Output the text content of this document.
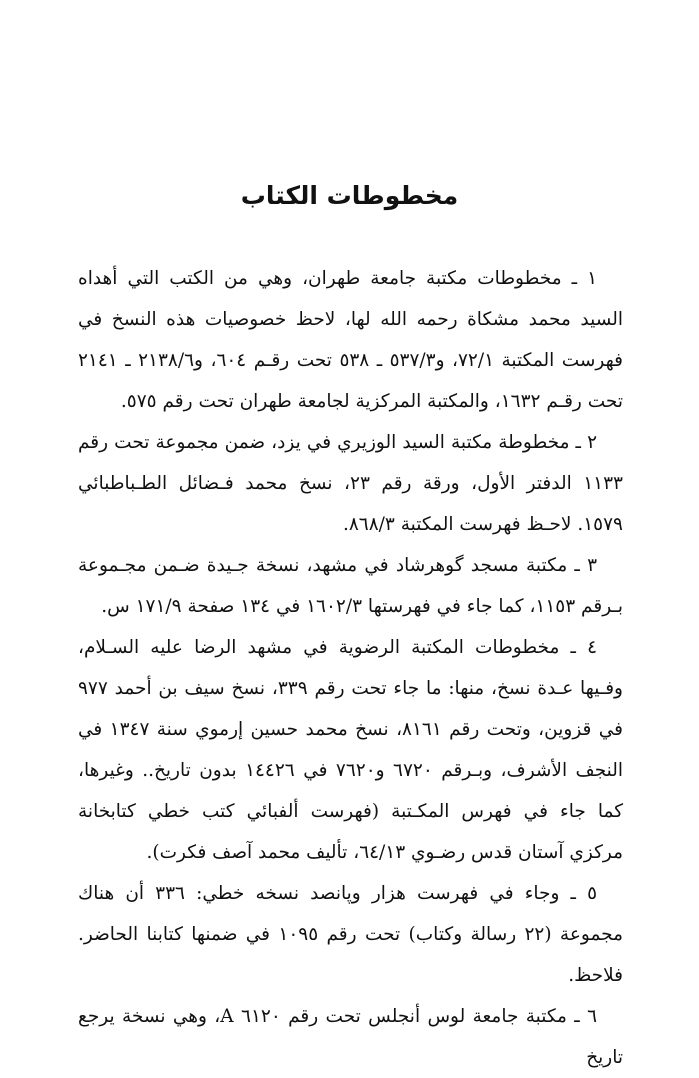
مخطوطات الكتاب

١ ـ مخطوطات مكتبة جامعة طهران، وهي من الكتب التي أهداه السيد محمد مشكاة رحمه الله لها، لاحظ خصوصيات هذه النسخ في فهرست المكتبة ٧٢/١، و٥٣٧/٣ ـ ٥٣٨ تحت رقـم ٦٠٤، و٢١٣٨/٦ ـ ٢١٤١ تحت رقـم ١٦٣٢، والمكتبة المركزية لجامعة طهران تحت رقم ٥٧٥.

٢ ـ مخطوطة مكتبة السيد الوزيري في يزد، ضمن مجموعة تحت رقم ١١٣٣ الدفتر الأول، ورقة رقم ٢٣، نسخ محمد فـضائل الطـباطبائي ١٥٧٩. لاحـظ فهرست المكتبة ٨٦٨/٣.

٣ ـ مكتبة مسجد گوهرشاد في مشهد، نسخة جـيدة ضـمن مجـموعة بـرقم ١١٥٣، كما جاء في فهرستها ١٦٠٢/٣ في ١٣٤ صفحة ١٧١/٩ س.

٤ ـ مخطوطات المكتبة الرضوية في مشهد الرضا عليه السـلام، وفـيها عـدة نسخ، منها: ما جاء تحت رقم ٣٣٩، نسخ سيف بن أحمد ٩٧٧ في قزوين، وتحت رقم ٨١٦١، نسخ محمد حسين إرموي سنة ١٣٤٧ في النجف الأشرف، وبـرقم ٦٧٢٠ و٧٦٢٠ في ١٤٤٢٦ بدون تاريخ.. وغيرها، كما جاء في فهرس المكـتبة (فهرست ألفبائي كتب خطي كتابخانة مركزي آستان قدس رضـوي ٦٤/١٣، تأليف محمد آصف فكرت).

٥ ـ وجاء في فهرست هزار وپانصد نسخه خطي: ٣٣٦ أن هناك مجموعة (٢٢ رسالة وكتاب) تحت رقم ١٠٩٥ في ضمنها كتابنا الحاضر. فلاحظ.

٦ ـ مكتبة جامعة لوس أنجلس تحت رقم ٦١٢٠ A، وهي نسخة يرجع تاريخ
